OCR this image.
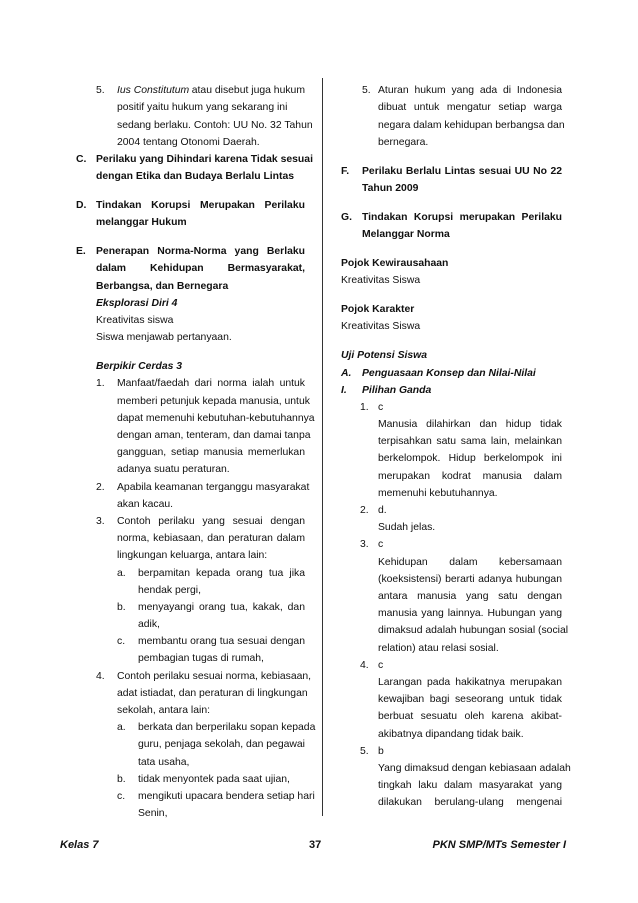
5. Ius Constitutum atau disebut juga hukum
positif yaitu hukum yang sekarang ini
sedang berlaku. Contoh: UU No. 32 Tahun
2004 tentang Otonomi Daerah.
C. Perilaku yang Dihindari karena Tidak sesuai
dengan Etika dan Budaya Berlalu Lintas
D. Tindakan Korupsi Merupakan Perilaku
melanggar Hukum
E. Penerapan Norma-Norma yang Berlaku
dalam Kehidupan Bermasyarakat,
Berbangsa, dan Bernegara
Eksplorasi Diri 4
Kreativitas siswa
Siswa menjawab pertanyaan.
Berpikir Cerdas 3
1. Manfaat/faedah dari norma ialah untuk
memberi petunjuk kepada manusia, untuk
dapat memenuhi kebutuhan-kebutuhannya
dengan aman, tenteram, dan damai tanpa
gangguan, setiap manusia memerlukan
adanya suatu peraturan.
2. Apabila keamanan terganggu masyarakat
akan kacau.
3. Contoh perilaku yang sesuai dengan
norma, kebiasaan, dan peraturan dalam
lingkungan keluarga, antara lain:
a. berpamitan kepada orang tua jika
hendak pergi,
b. menyayangi orang tua, kakak, dan
adik,
c. membantu orang tua sesuai dengan
pembagian tugas di rumah,
4. Contoh perilaku sesuai norma, kebiasaan,
adat istiadat, dan peraturan di lingkungan
sekolah, antara lain:
a. berkata dan berperilaku sopan kepada
guru, penjaga sekolah, dan pegawai
tata usaha,
b. tidak menyontek pada saat ujian,
c. mengikuti upacara bendera setiap hari
Senin,
5. Aturan hukum yang ada di Indonesia
dibuat untuk mengatur setiap warga
negara dalam kehidupan berbangsa dan
bernegara.
F. Perilaku Berlalu Lintas sesuai UU No 22
Tahun 2009
G. Tindakan Korupsi merupakan Perilaku
Melanggar Norma
Pojok Kewirausahaan
Kreativitas Siswa
Pojok Karakter
Kreativitas Siswa
Uji Potensi Siswa
A. Penguasaan Konsep dan Nilai-Nilai
I. Pilihan Ganda
1. c
Manusia dilahirkan dan hidup tidak
terpisahkan satu sama lain, melainkan
berkelompok. Hidup berkelompok ini
merupakan kodrat manusia dalam
memenuhi kebutuhannya.
2. d.
Sudah jelas.
3. c
Kehidupan dalam kebersamaan
(koeksistensi) berarti adanya hubungan
antara manusia yang satu dengan
manusia yang lainnya. Hubungan yang
dimaksud adalah hubungan sosial (social
relation) atau relasi sosial.
4. c
Larangan pada hakikatnya merupakan
kewajiban bagi seseorang untuk tidak
berbuat sesuatu oleh karena akibat-
akibatnya dipandang tidak baik.
5. b
Yang dimaksud dengan kebiasaan adalah
tingkah laku dalam masyarakat yang
dilakukan berulang-ulang mengenai
Kelas 7	37	PKN SMP/MTs Semester I
